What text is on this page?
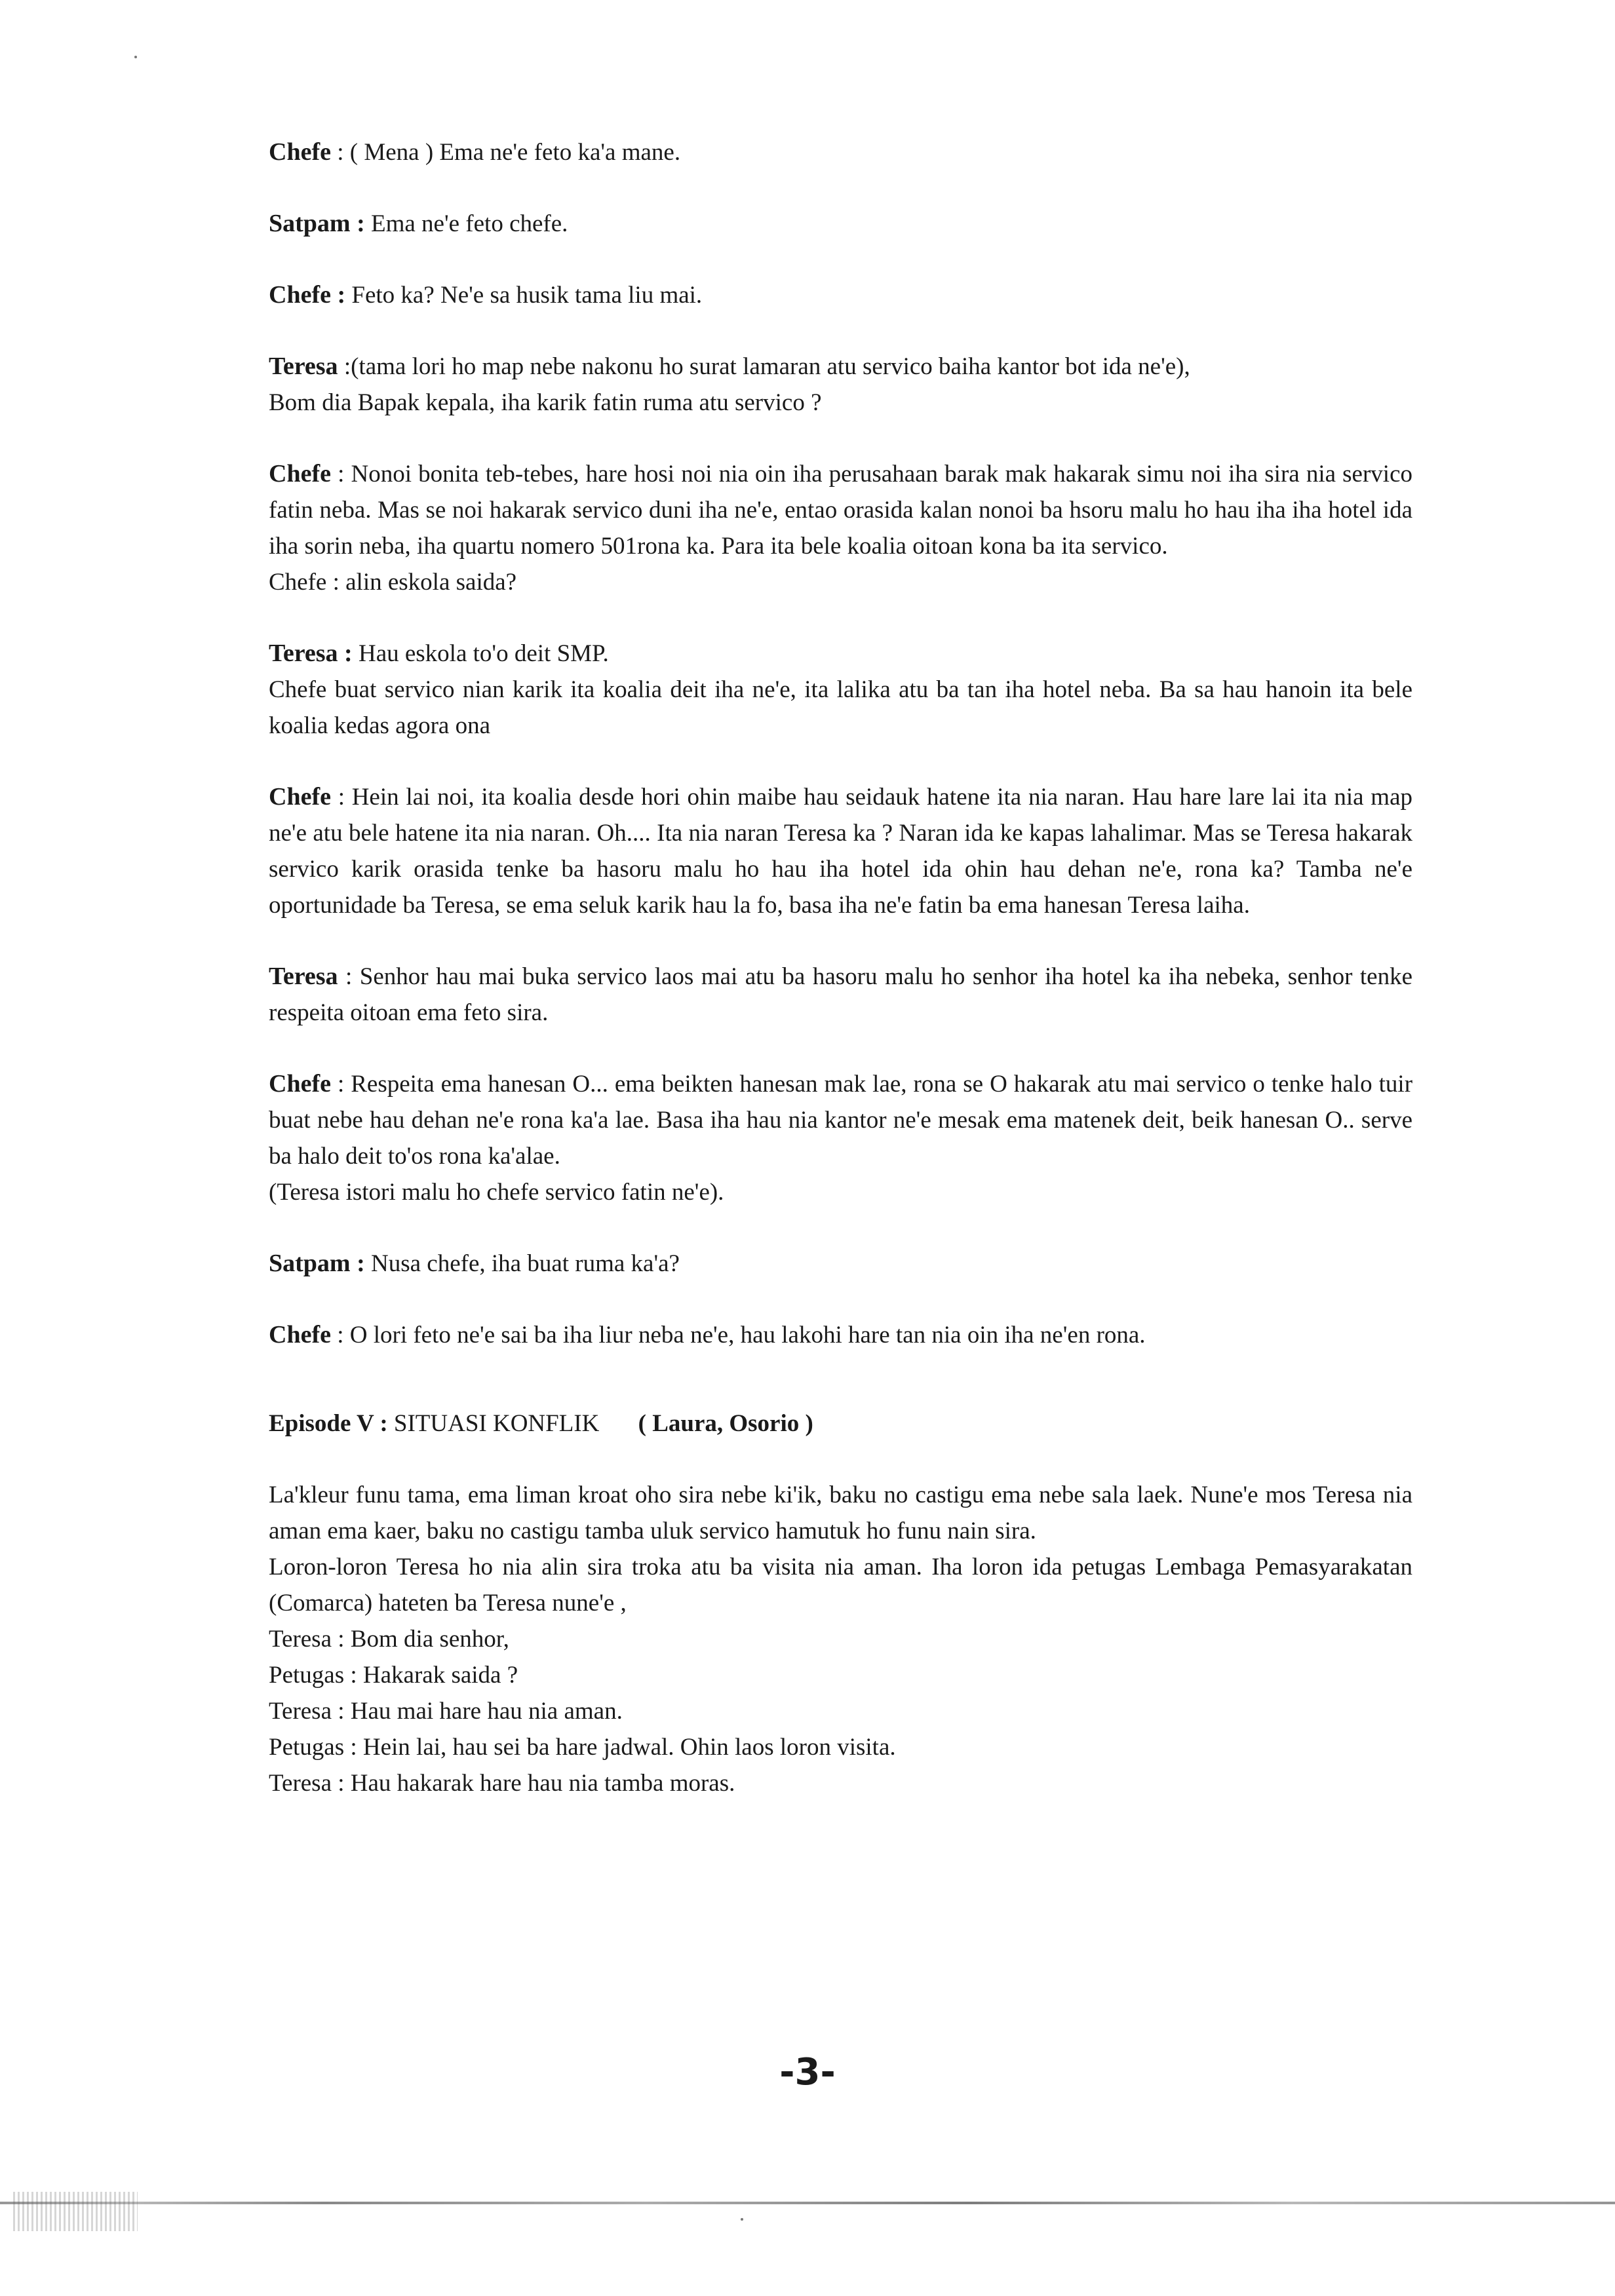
Chefe : ( Mena ) Ema ne'e feto ka'a mane.

Satpam : Ema ne'e feto chefe.

Chefe : Feto ka? Ne'e sa husik tama liu mai.

Teresa :(tama lori ho map nebe nakonu ho surat lamaran atu servico baiha kantor bot ida ne'e),
Bom dia Bapak kepala, iha karik fatin ruma atu servico ?

Chefe : Nonoi bonita teb-tebes, hare hosi noi nia oin iha perusahaan barak mak hakarak simu noi iha sira nia servico fatin neba. Mas se noi hakarak servico duni iha ne'e, entao orasida kalan nonoi ba hsoru malu ho hau iha iha hotel ida iha sorin neba, iha quartu nomero 501rona ka. Para ita bele koalia oitoan kona ba ita servico.
Chefe : alin eskola saida?

Teresa : Hau eskola to'o deit SMP.
Chefe buat servico nian karik ita koalia deit iha ne'e, ita lalika atu ba tan iha hotel neba. Ba sa hau hanoin ita bele koalia kedas agora ona

Chefe : Hein lai noi, ita koalia desde hori ohin maibe hau seidauk hatene ita nia naran. Hau hare lare lai ita nia map ne'e atu bele hatene ita nia naran. Oh.... Ita nia naran Teresa ka ? Naran ida ke kapas lahalimar. Mas se Teresa hakarak servico karik orasida tenke ba hasoru malu ho hau iha hotel ida ohin hau dehan ne'e, rona ka? Tamba ne'e oportunidade ba Teresa, se ema seluk karik hau la fo, basa iha ne'e fatin ba ema hanesan Teresa laiha.

Teresa : Senhor hau mai buka servico laos mai atu ba hasoru malu ho senhor iha hotel ka iha nebeka, senhor tenke respeita oitoan ema feto sira.

Chefe : Respeita ema hanesan O... ema beikten hanesan mak lae, rona se O hakarak atu mai servico o tenke halo tuir buat nebe hau dehan ne'e rona ka'a lae. Basa iha hau nia kantor ne'e mesak ema matenek deit, beik hanesan O.. serve ba halo deit to'os rona ka'alae.
(Teresa istori malu ho chefe servico fatin ne'e).

Satpam : Nusa chefe, iha buat ruma ka'a?

Chefe : O lori feto ne'e sai ba iha liur neba ne'e, hau lakohi hare tan nia oin iha ne'en rona.

Episode V : SITUASI KONFLIK ( Laura, Osorio )

La'kleur funu tama, ema liman kroat oho sira nebe ki'ik, baku no castigu ema nebe sala laek. Nune'e mos Teresa nia aman ema kaer, baku no castigu tamba uluk servico hamutuk ho funu nain sira.

Loron-loron Teresa ho nia alin sira troka atu ba visita nia aman. Iha loron ida petugas Lembaga Pemasyarakatan (Comarca) hateten ba Teresa nune'e ,

Teresa : Bom dia senhor,

Petugas : Hakarak saida ?

Teresa : Hau mai hare hau nia aman.

Petugas : Hein lai, hau sei ba hare jadwal. Ohin laos loron visita.

Teresa : Hau hakarak hare hau nia tamba moras.

-3-
